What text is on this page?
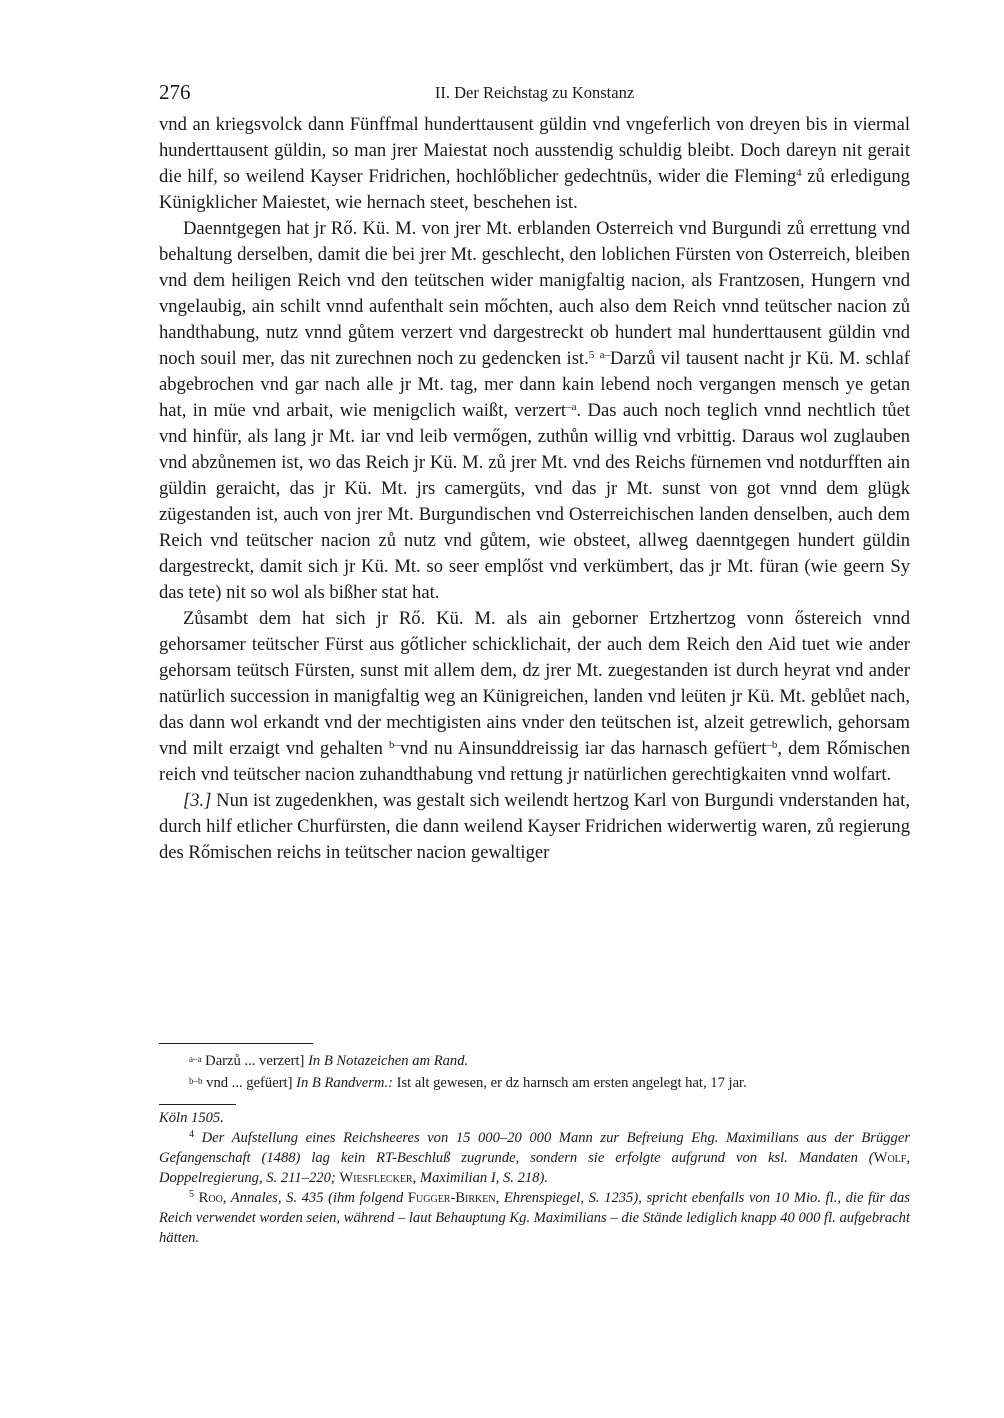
276	II. Der Reichstag zu Konstanz

vnd an kriegsvolck dann Fünffmal hunderttausent güldin vnd vngeferlich von dreyen bis in viermal hunderttausent güldin, so man jrer Maiestat noch ausstendig schuldig bleibt. Doch dareyn nit gerait die hilf, so weilend Kayser Fridrichen, hochlőblicher gedechtnüs, wider die Fleming$^4$ zů erledigung Künigklicher Maiestet, wie hernach steet, beschehen ist.

Daenntgegen hat jr Rő. Kü. M. von jrer Mt. erblanden Osterreich vnd Burgundi zů errettung vnd behaltung derselben, damit die bei jrer Mt. geschlecht, den loblichen Fürsten von Osterreich, bleiben vnd dem heiligen Reich vnd den teütschen wider manigfaltig nacion, als Frantzosen, Hungern vnd vngelaubig, ain schilt vnnd aufenthalt sein mőchten, auch also dem Reich vnnd teütscher nacion zů handthabung, nutz vnnd gůtem verzert vnd dargestreckt ob hundert mal hunderttausent güldin vnd noch souil mer, das nit zurechnen noch zu gedencken ist.$^5$ $^{a-}$Darzů vil tausent nacht jr Kü. M. schlaf abgebrochen vnd gar nach alle jr Mt. tag, mer dann kain lebend noch vergangen mensch ye getan hat, in müe vnd arbait, wie menigclich waißt, verzert$^{-a}$. Das auch noch teglich vnnd nechtlich tůet vnd hinfür, als lang jr Mt. iar vnd leib vermőgen, zuthůn willig vnd vrbittig. Daraus wol zuglauben vnd abzůnemen ist, wo das Reich jr Kü. M. zů jrer Mt. vnd des Reichs fürnemen vnd notdurfften ain güldin geraicht, das jr Kü. Mt. jrs camergüts, vnd das jr Mt. sunst von got vnnd dem glügk zügestanden ist, auch von jrer Mt. Burgundischen vnd Osterreichischen landen denselben, auch dem Reich vnd teütscher nacion zů nutz vnd gůtem, wie obsteet, allweg daenntgegen hundert güldin dargestreckt, damit sich jr Kü. Mt. so seer emplőst vnd verkümbert, das jr Mt. füran (wie geern Sy das tete) nit so wol als bißher stat hat.

Zůsambt dem hat sich jr Rő. Kü. M. als ain geborner Ertzhertzog vonn őstereich vnnd gehorsamer teütscher Fürst aus gőtlicher schicklichait, der auch dem Reich den Aid tuet wie ander gehorsam teütsch Fürsten, sunst mit allem dem, dz jrer Mt. zuegestanden ist durch heyrat vnd ander natürlich succession in manigfaltig weg an Künigreichen, landen vnd leüten jr Kü. Mt. geblůet nach, das dann wol erkandt vnd der mechtigisten ains vnder den teütschen ist, alzeit getrewlich, gehorsam vnd milt erzaigt vnd gehalten $^{b-}$vnd nu Ainsunddreissig iar das harnasch gefüert$^{-b}$, dem Rőmischen reich vnd teütscher nacion zuhandthabung vnd rettung jr natürlichen gerechtigkaiten vnnd wolfart.

[3.] Nun ist zugedenkhen, was gestalt sich weilendt hertzog Karl von Burgundi vnderstanden hat, durch hilf etlicher Churfürsten, die dann weilend Kayser Fridrichen widerwertig waren, zů regierung des Rőmischen reichs in teütscher nacion gewaltiger

$^{a-a}$ Darzů ... verzert] In B Notazeichen am Rand.

$^{b-b}$ vnd ... gefüert] In B Randverm.: Ist alt gewesen, er dz harnsch am ersten angelegt hat, 17 jar.

Köln 1505.

$^4$ Der Aufstellung eines Reichsheeres von 15 000–20 000 Mann zur Befreiung Ehg. Maximilians aus der Brügger Gefangenschaft (1488) lag kein RT-Beschluß zugrunde, sondern sie erfolgte aufgrund von ksl. Mandaten (Wolf, Doppelregierung, S. 211–220; Wiesflecker, Maximilian I, S. 218).

$^5$ Roo, Annales, S. 435 (ihm folgend Fugger-Birken, Ehrenspiegel, S. 1235), spricht ebenfalls von 10 Mio. fl., die für das Reich verwendet worden seien, während – laut Behauptung Kg. Maximilians – die Stände lediglich knapp 40 000 fl. aufgebracht hätten.
